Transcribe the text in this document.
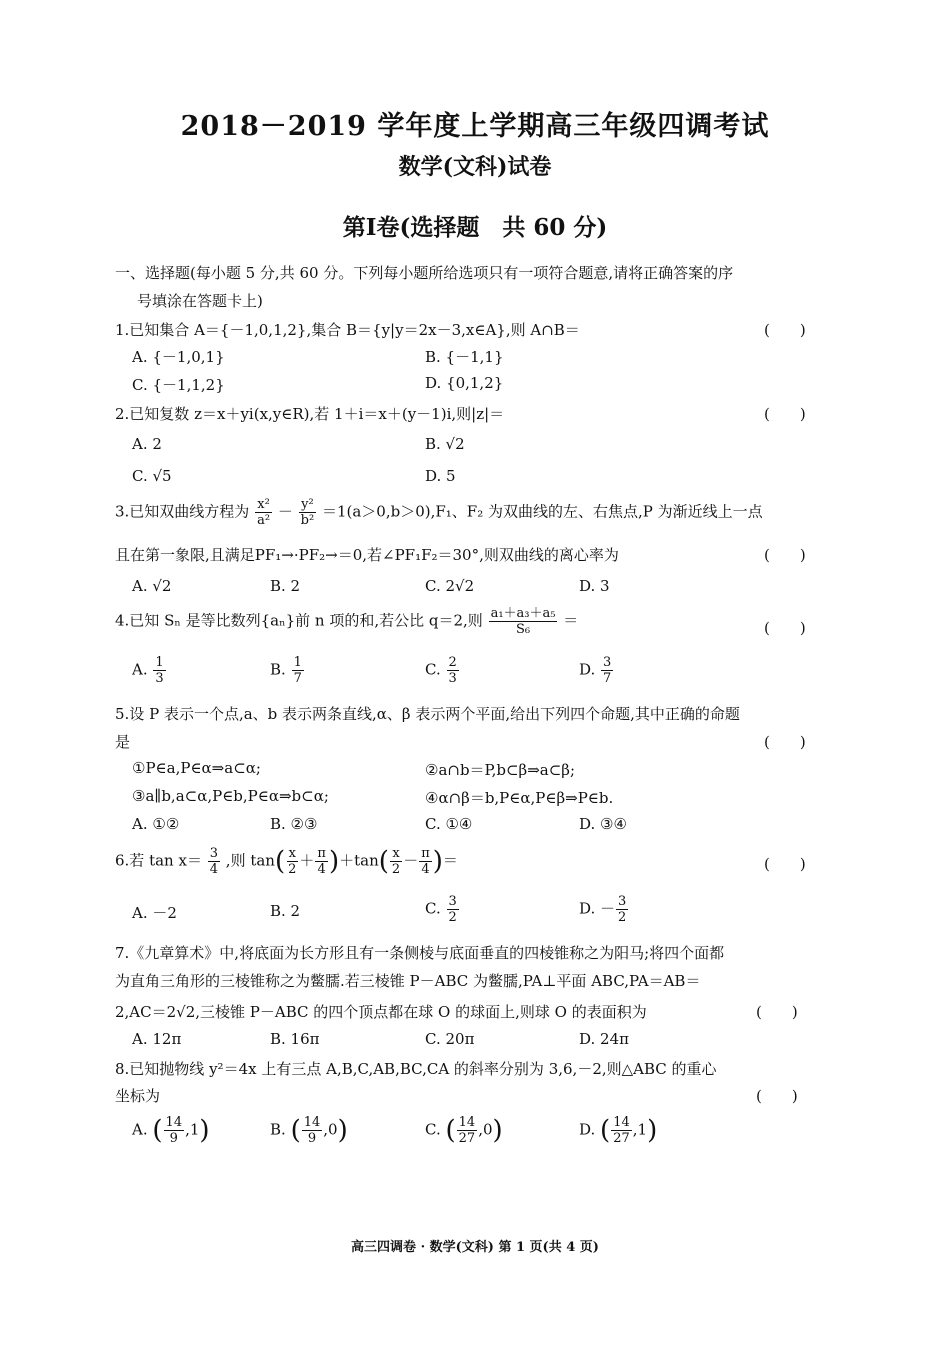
2018－2019 学年度上学期高三年级四调考试
数学(文科)试卷
第Ⅰ卷(选择题　共 60 分)
一、选择题(每小题 5 分,共 60 分。下列每小题所给选项只有一项符合题意,请将正确答案的序
号填涂在答题卡上)
1.已知集合 A＝{－1,0,1,2},集合 B＝{y|y＝2x－3,x∈A},则 A∩B＝	(　　)
A. {－1,0,1}	B. {－1,1}
C. {－1,1,2}	D. {0,1,2}
2.已知复数 z＝x＋yi(x,y∈R),若 1＋i＝x＋(y－1)i,则|z|＝	(　　)
A. 2	B. √2
C. √5	D. 5
3.已知双曲线方程为 $\frac{\text{x²}}{\text{a²}} - \frac{\text{y²}}{\text{b²}} =1(a>0,b>0),F_1$、F₂ 为双曲线的左、右焦点,P 为渐近线上一点
且在第一象限,且满足PF₁→·PF₂→＝0,若∠PF₁F₂＝30°,则双曲线的离心率为	(　　)
A. √2	B. 2	C. 2√2	D. 3
4.已知 Sₙ 是等比数列{aₙ}前 n 项的和,若公比 q＝2,则 $\frac{\text{a₁＋a₃＋a₅}}{\text{S₆}}$ ＝	(　　)
A. $\frac{1}{3}$	B. $\frac{1}{7}$	C. $\frac{2}{3}$	D. $\frac{3}{7}$
5.设 P 表示一个点,a、b 表示两条直线,α、β 表示两个平面,给出下列四个命题,其中正确的命题
是	(　　)
①P∈a,P∈α⇒a⊂α;	②a∩b＝P,b⊂β⇒a⊂β;
③a∥b,a⊂α,P∈b,P∈α⇒b⊂α;	④α∩β＝b,P∈α,P∈β⇒P∈b.
A. ①②	B. ②③	C. ①④	D. ③④
6.若 $\tan x= \frac{3}{4}$ ,则 $\tan( \frac{x}{2} + \frac{\pi}{4} )+\tan( \frac{x}{2} - \frac{\pi}{4}$ )＝	(　　)
A. －2	B. 2	C. $\frac{3}{2}$	D. － $\frac{3}{2}$
7.《九章算术》中,将底面为长方形且有一条侧棱与底面垂直的四棱锥称之为阳马;将四个面都
为直角三角形的三棱锥称之为鳖臑.若三棱锥 P－ABC 为鳖臑,PA⊥平面 ABC,PA＝AB＝
2,AC＝2√2,三棱锥 P－ABC 的四个顶点都在球 O 的球面上,则球 O 的表面积为	(　　)
A. 12π	B. 16π	C. 20π	D. 24π
8.已知抛物线 y²＝4x 上有三点 A,B,C,AB,BC,CA 的斜率分别为 3,6,－2,则△ABC 的重心
坐标为	(　　)
A. ( $\frac{14}{9} ,1$)	B. ( $\frac{14}{9} ,0$)	C. ( $\frac{14}{27} ,0$)	D. ( $\frac{14}{27} ,1$)
高三四调卷 · 数学(文科) 第 1 页(共 4 页)
